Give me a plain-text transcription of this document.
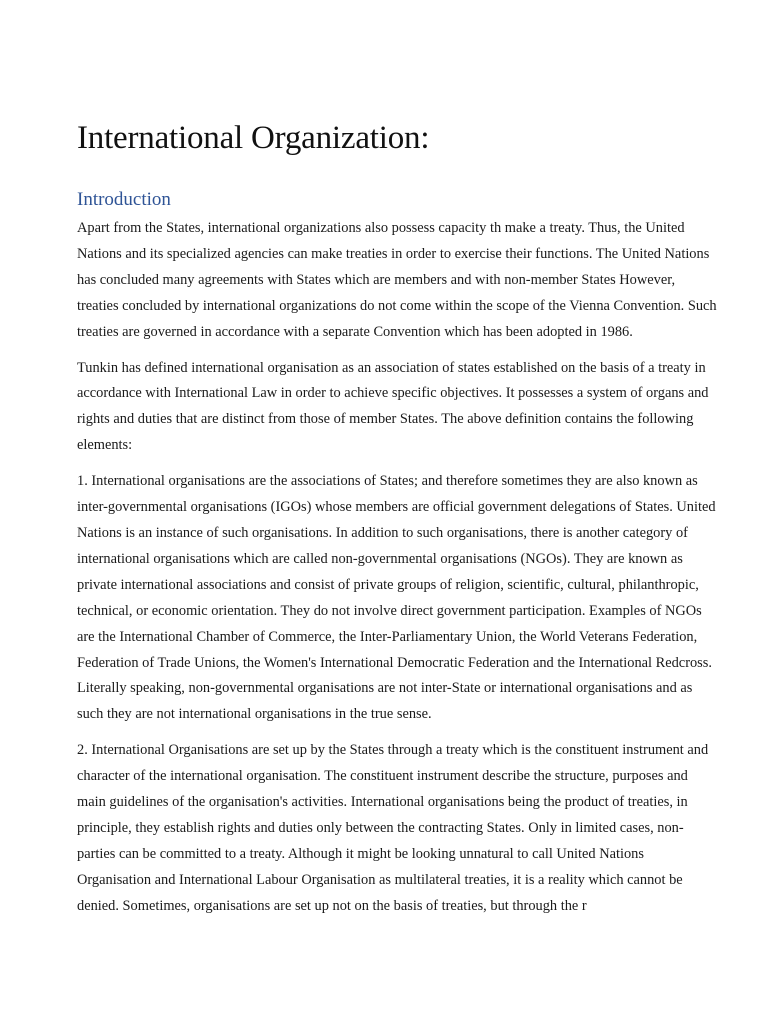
International Organization:
Introduction

Apart from the States, international organizations also possess capacity th make a treaty. Thus, the United Nations and its specialized agencies can make treaties in order to exercise their functions. The United Nations has concluded many agreements with States which are members and with non-member States However, treaties concluded by international organizations do not come within the scope of the Vienna Convention. Such treaties are governed in accordance with a separate Convention which has been adopted in 1986.

Tunkin has defined international organisation as an association of states established on the basis of a treaty in accordance with International Law in order to achieve specific objectives. It possesses a system of organs and rights and duties that are distinct from those of member States. The above definition contains the following elements:

1. International organisations are the associations of States; and therefore sometimes they are also known as inter-governmental organisations (IGOs) whose members are official government delegations of States. United Nations is an instance of such organisations. In addition to such organisations, there is another category of international organisations which are called non-governmental organisations (NGOs). They are known as private international associations and consist of private groups of religion, scientific, cultural, philanthropic, technical, or economic orientation. They do not involve direct government participation. Examples of NGOs are the International Chamber of Commerce, the Inter-Parliamentary Union, the World Veterans Federation, Federation of Trade Unions, the Women's International Democratic Federation and the International Redcross. Literally speaking, non-governmental organisations are not inter-State or international organisations and as such they are not international organisations in the true sense.

2. International Organisations are set up by the States through a treaty which is the constituent instrument and character of the international organisation. The constituent instrument describe the structure, purposes and main guidelines of the organisation's activities. International organisations being the product of treaties, in principle, they establish rights and duties only between the contracting States. Only in limited cases, non-parties can be committed to a treaty. Although it might be looking unnatural to call United Nations Organisation and International Labour Organisation as multilateral treaties, it is a reality which cannot be denied. Sometimes, organisations are set up not on the basis of treaties, but through the r
